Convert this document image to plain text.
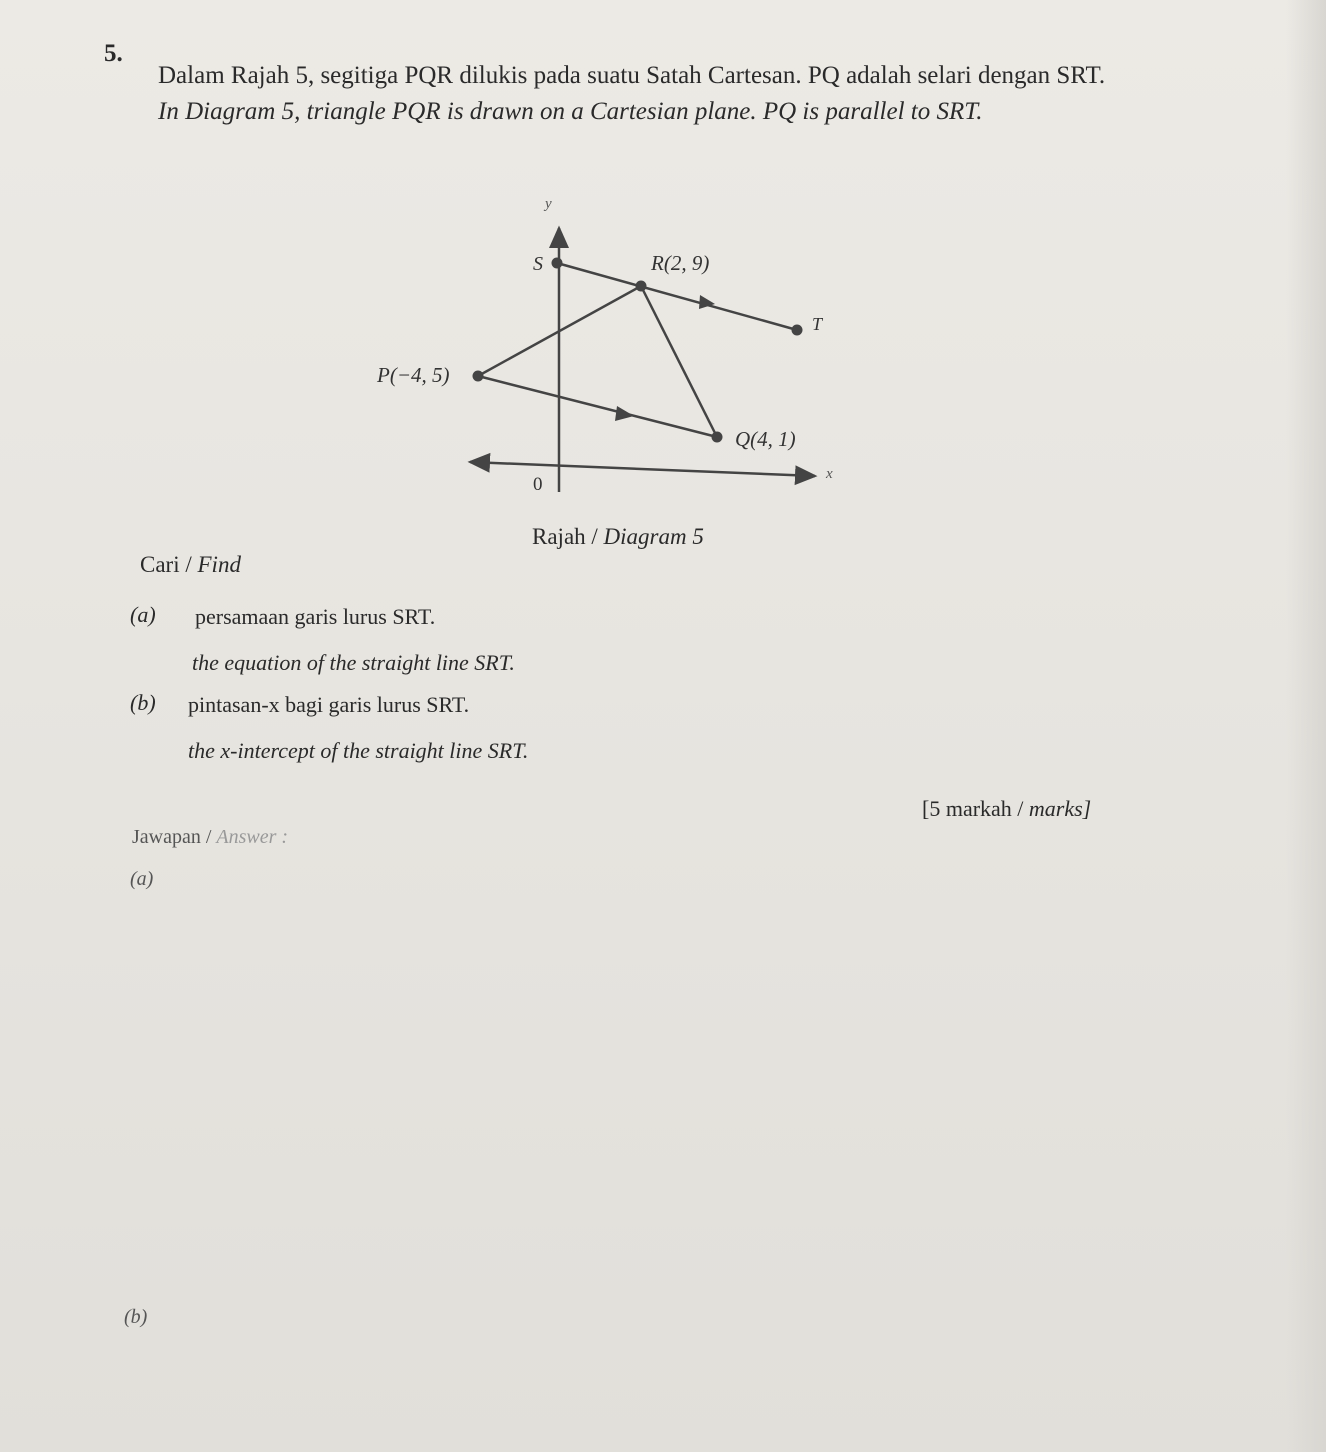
5.
Dalam Rajah 5, segitiga PQR dilukis pada suatu Satah Cartesan. PQ adalah selari dengan SRT.
In Diagram 5, triangle PQR is drawn on a Cartesian plane. PQ is parallel to SRT.
y
S	R(2, 9)
T
P(−4, 5)
Q(4, 1)
0	x
Rajah / Diagram 5
Cari / Find
(a) persamaan garis lurus SRT.
the equation of the straight line SRT.
(b) pintasan-x bagi garis lurus SRT.
the x-intercept of the straight line SRT.
[5 markah / marks]
Jawapan / Answer :
(a)
(b)
